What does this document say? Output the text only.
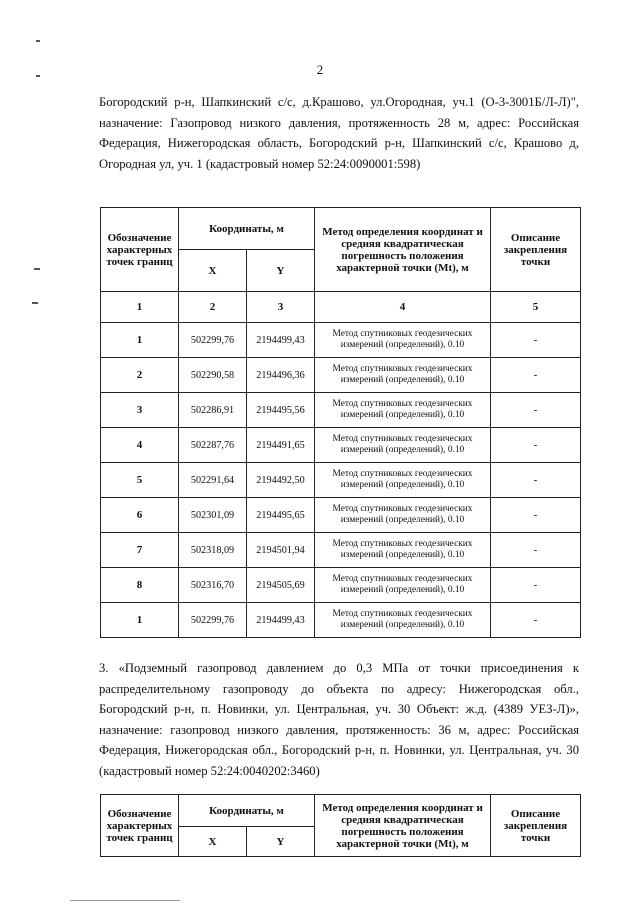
2
Богородский р-н, Шапкинский с/с, д.Крашово, ул.Огородная, уч.1 (О-3-3001Б/Л-Л)", назначение: Газопровод низкого давления, протяженность 28 м, адрес: Российская Федерация, Нижегородская область, Богородский р-н, Шапкинский с/с, Крашово д, Огородная ул, уч. 1 (кадастровый номер 52:24:0090001:598)
Обозначение характерных точек границ	Координаты, м		Метод определения координат и средняя квадратическая погрешность положения характерной точки (Mt), м	Описание закрепления точки
	X	Y		
1	2	3	4	5
1	502299,76	2194499,43	Метод спутниковых геодезических измерений (определений), 0.10	-
2	502290,58	2194496,36	Метод спутниковых геодезических измерений (определений), 0.10	-
3	502286,91	2194495,56	Метод спутниковых геодезических измерений (определений), 0.10	-
4	502287,76	2194491,65	Метод спутниковых геодезических измерений (определений), 0.10	-
5	502291,64	2194492,50	Метод спутниковых геодезических измерений (определений), 0.10	-
6	502301,09	2194495,65	Метод спутниковых геодезических измерений (определений), 0.10	-
7	502318,09	2194501,94	Метод спутниковых геодезических измерений (определений), 0.10	-
8	502316,70	2194505,69	Метод спутниковых геодезических измерений (определений), 0.10	-
1	502299,76	2194499,43	Метод спутниковых геодезических измерений (определений), 0.10	-
3. «Подземный газопровод давлением до 0,3 МПа от точки присоединения к распределительному газопроводу до объекта по адресу: Нижегородская обл., Богородский р-н, п. Новинки, ул. Центральная, уч. 30 Объект: ж.д. (4389 УЕЗ-Л)», назначение: газопровод низкого давления, протяженность: 36 м, адрес: Российская Федерация, Нижегородская обл., Богородский р-н, п. Новинки, ул. Центральная, уч. 30 (кадастровый номер 52:24:0040202:3460)
Обозначение характерных точек границ	Координаты, м		Метод определения координат и средняя квадратическая погрешность положения характерной точки (Mt), м	Описание закрепления точки
	X	Y		
